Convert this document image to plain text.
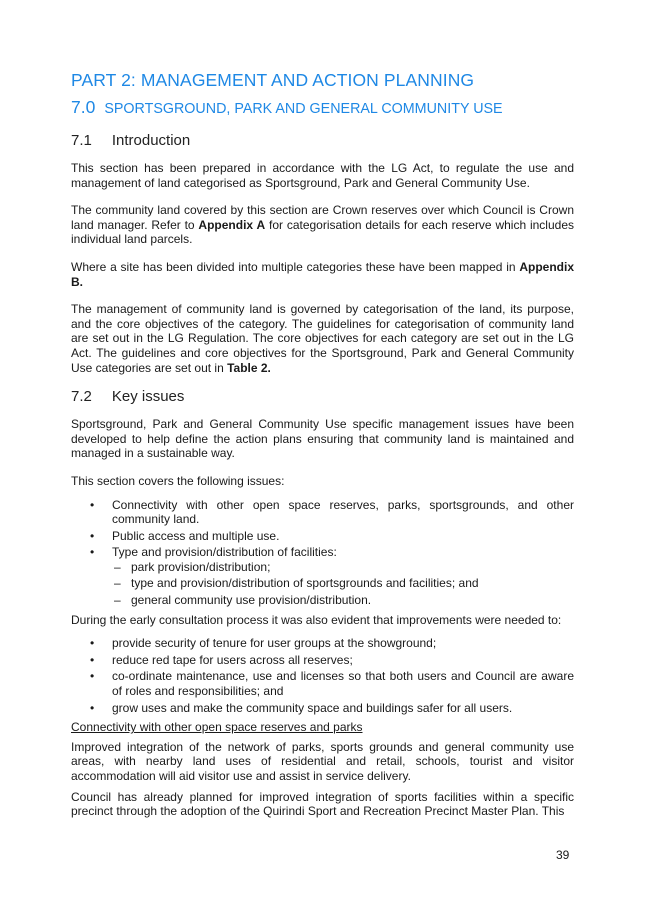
PART 2: MANAGEMENT AND ACTION PLANNING
7.0 SPORTSGROUND, PARK AND GENERAL COMMUNITY USE
7.1 Introduction

This section has been prepared in accordance with the LG Act, to regulate the use and management of land categorised as Sportsground, Park and General Community Use.

The community land covered by this section are Crown reserves over which Council is Crown land manager. Refer to Appendix A for categorisation details for each reserve which includes individual land parcels.

Where a site has been divided into multiple categories these have been mapped in Appendix B.

The management of community land is governed by categorisation of the land, its purpose, and the core objectives of the category. The guidelines for categorisation of community land are set out in the LG Regulation. The core objectives for each category are set out in the LG Act. The guidelines and core objectives for the Sportsground, Park and General Community Use categories are set out in Table 2.

7.2 Key issues

Sportsground, Park and General Community Use specific management issues have been developed to help define the action plans ensuring that community land is maintained and managed in a sustainable way.

This section covers the following issues:

• Connectivity with other open space reserves, parks, sportsgrounds, and other community land.
• Public access and multiple use.
• Type and provision/distribution of facilities:
– park provision/distribution;
– type and provision/distribution of sportsgrounds and facilities; and
– general community use provision/distribution.

During the early consultation process it was also evident that improvements were needed to:

• provide security of tenure for user groups at the showground;
• reduce red tape for users across all reserves;
• co-ordinate maintenance, use and licenses so that both users and Council are aware of roles and responsibilities; and
• grow uses and make the community space and buildings safer for all users.
Connectivity with other open space reserves and parks

Improved integration of the network of parks, sports grounds and general community use areas, with nearby land uses of residential and retail, schools, tourist and visitor accommodation will aid visitor use and assist in service delivery.

Council has already planned for improved integration of sports facilities within a specific precinct through the adoption of the Quirindi Sport and Recreation Precinct Master Plan. This

39
